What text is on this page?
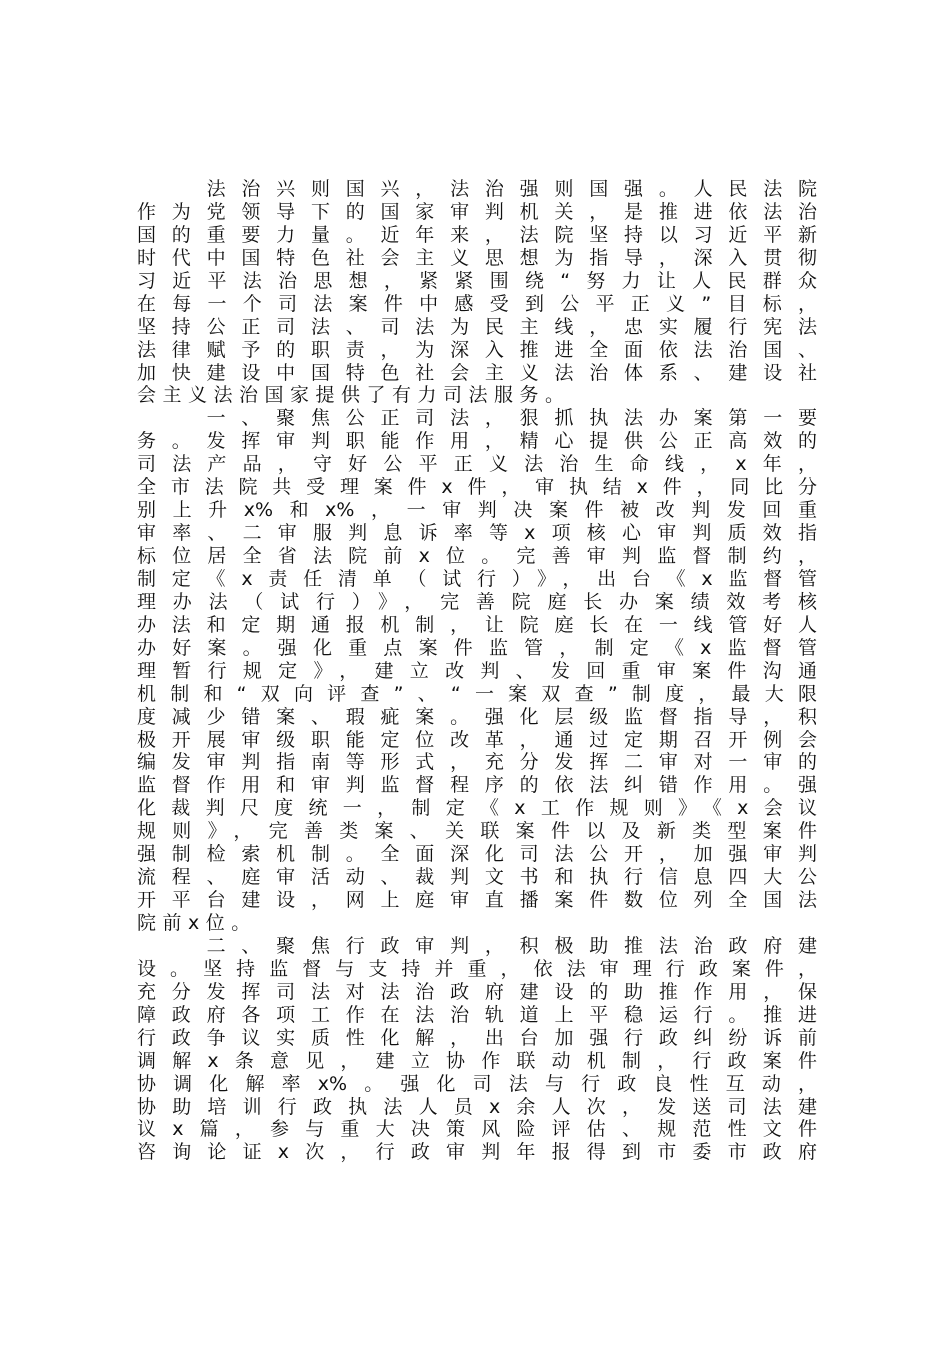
　　法治兴则国兴，法治强则国强。人民法院
作为党领导下的国家审判机关，是推进依法治
国的重要力量。近年来，法院坚持以习近平新
时代中国特色社会主义思想为指导，深入贯彻
习近平法治思想，紧紧围绕“努力让人民群众
在每一个司法案件中感受到公平正义”目标，
坚持公正司法、司法为民主线，忠实履行宪法
法律赋予的职责，为深入推进全面依法治国、
加快建设中国特色社会主义法治体系、建设社
会主义法治国家提供了有力司法服务。
　　一、聚焦公正司法，狠抓执法办案第一要
务。发挥审判职能作用，精心提供公正高效的
司法产品，守好公平正义法治生命线，x年，
全市法院共受理案件x件，审执结x件，同比分
别上升x%和x%，一审判决案件被改判发回重
审率、二审服判息诉率等x项核心审判质效指
标位居全省法院前x位。完善审判监督制约，
制定《x责任清单（试行）》，出台《x监督管
理办法（试行）》，完善院庭长办案绩效考核
办法和定期通报机制，让院庭长在一线管好人
办好案。强化重点案件监管，制定《x监督管
理暂行规定》，建立改判、发回重审案件沟通
机制和“双向评查”、“一案双查”制度，最大限
度减少错案、瑕疵案。强化层级监督指导，积
极开展审级职能定位改革，通过定期召开例会
编发审判指南等形式，充分发挥二审对一审的
监督作用和审判监督程序的依法纠错作用。强
化裁判尺度统一，制定《x工作规则》《x会议
规则》，完善类案、关联案件以及新类型案件
强制检索机制。全面深化司法公开，加强审判
流程、庭审活动、裁判文书和执行信息四大公
开平台建设，网上庭审直播案件数位列全国法
院前x位。
　　二、聚焦行政审判，积极助推法治政府建
设。坚持监督与支持并重，依法审理行政案件，
充分发挥司法对法治政府建设的助推作用，保
障政府各项工作在法治轨道上平稳运行。推进
行政争议实质性化解，出台加强行政纠纷诉前
调解x条意见，建立协作联动机制，行政案件
协调化解率x%。强化司法与行政良性互动，
协助培训行政执法人员x余人次，发送司法建
议x篇，参与重大决策风险评估、规范性文件
咨询论证x次，行政审判年报得到市委市政府
